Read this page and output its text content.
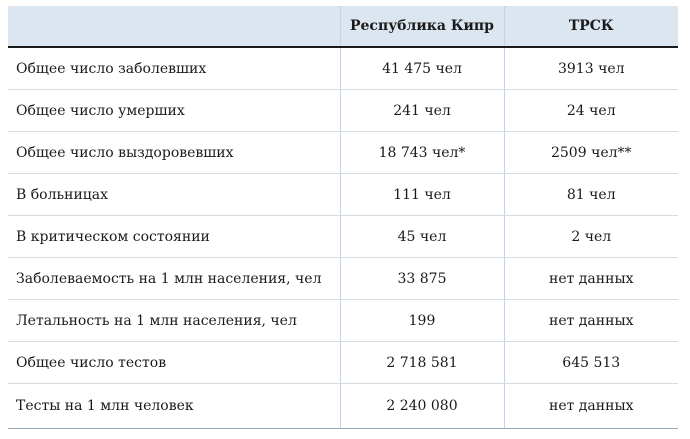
	Республика Кипр	ТРСК
Общее число заболевших	41 475 чел	3913 чел
Общее число умерших	241 чел	24 чел
Общее число выздоровевших	18 743 чел*	2509 чел**
В больницах	111 чел	81 чел
В критическом состоянии	45 чел	2 чел
Заболеваемость на 1 млн населения, чел	33 875	нет данных
Летальность на 1 млн населения, чел	199	нет данных
Общее число тестов	2 718 581	645 513
Тесты на 1 млн человек	2 240 080	нет данных
